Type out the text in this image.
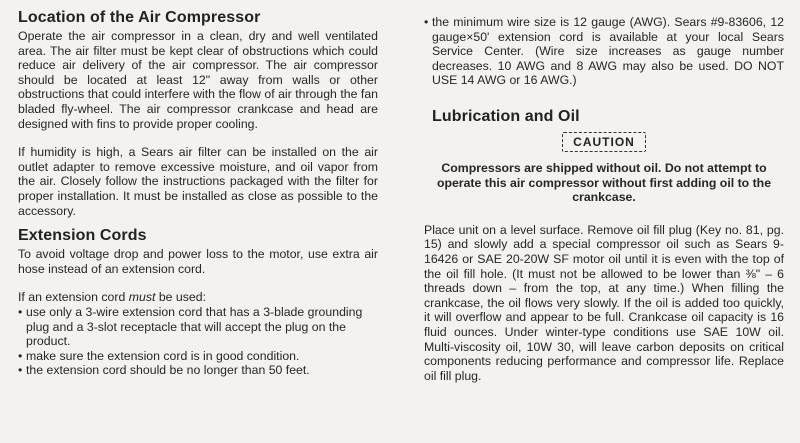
Location of the Air Compressor

Operate the air compressor in a clean, dry and well ventilated area. The air filter must be kept clear of obstructions which could reduce air delivery of the air compressor. The air compressor should be located at least 12" away from walls or other obstructions that could interfere with the flow of air through the fan bladed fly-wheel. The air compressor crankcase and head are designed with fins to provide proper cooling.

If humidity is high, a Sears air filter can be installed on the air outlet adapter to remove excessive moisture, and oil vapor from the air. Closely follow the instructions packaged with the filter for proper installation. It must be installed as close as possible to the accessory.

Extension Cords

To avoid voltage drop and power loss to the motor, use extra air hose instead of an extension cord.

If an extension cord must be used:

• use only a 3-wire extension cord that has a 3-blade grounding plug and a 3-slot receptacle that will accept the plug on the product.
• make sure the extension cord is in good condition.
• the extension cord should be no longer than 50 feet.
• the minimum wire size is 12 gauge (AWG). Sears #9-83606, 12 gauge×50' extension cord is available at your local Sears Service Center. (Wire size increases as gauge number decreases. 10 AWG and 8 AWG may also be used. DO NOT USE 14 AWG or 16 AWG.)
Lubrication and Oil
CAUTION

Compressors are shipped without oil. Do not attempt to operate this air compressor without first adding oil to the crankcase.

Place unit on a level surface. Remove oil fill plug (Key no. 81, pg. 15) and slowly add a special compressor oil such as Sears 9-16426 or SAE 20-20W SF motor oil until it is even with the top of the oil fill hole. (It must not be allowed to be lower than ⅜" – 6 threads down – from the top, at any time.) When filling the crankcase, the oil flows very slowly. If the oil is added too quickly, it will overflow and appear to be full. Crankcase oil capacity is 16 fluid ounces. Under winter-type conditions use SAE 10W oil. Multi-viscosity oil, 10W 30, will leave carbon deposits on critical components reducing performance and compressor life. Replace oil fill plug.
